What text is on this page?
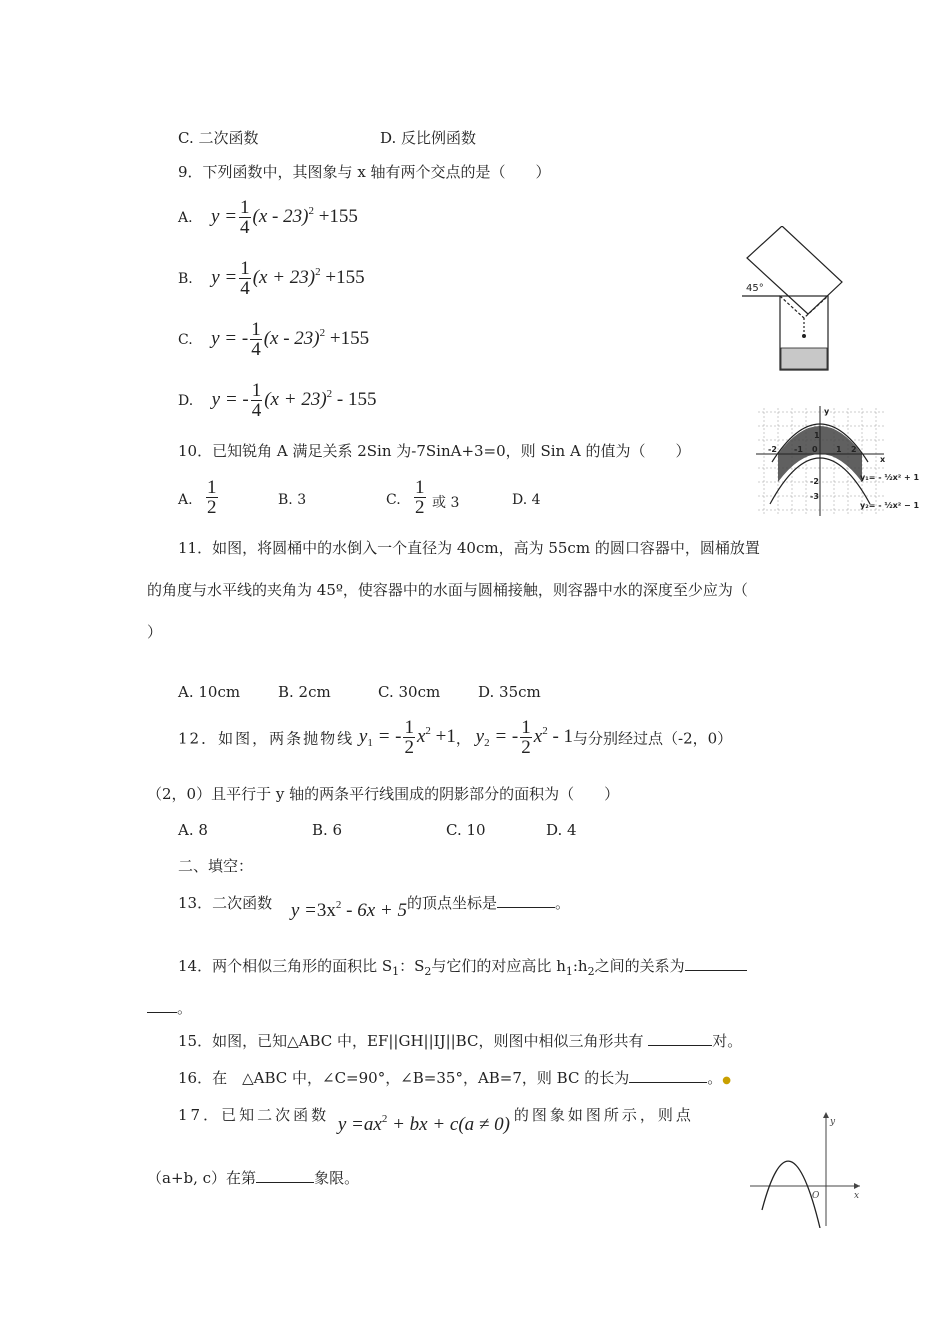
C. 二次函数	D. 反比例函数
9．下列函数中，其图象与 x 轴有两个交点的是（　　）
A. $y = \frac{1}{4} (x - 23)^2 +155$
B. $y = \frac{1}{4} (x + 23)^2 +155$
C. y = - $\frac{1}{4} (x - 23)^2 +155$
D. y = - $\frac{1}{4} (x + 23)^2 - 155$
10．已知锐角 A 满足关系 2Sin 为-7SinA+3=0，则 Sin A 的值为（　　）
A. $\frac{1}{2}$	B. 3	C. $\frac{1}{2}$ 或 3	D. 4
11．如图，将圆桶中的水倒入一个直径为 40cm，高为 55cm 的圆口容器中，圆桶放置
的角度与水平线的夹角为 45º，使容器中的水面与圆桶接触，则容器中水的深度至少应为（
）
A. 10cm	B. 2cm	C. 30cm	D. 35cm
12．如图，两条抛物线 $y_1$ = - $\frac{1}{2} x^2 +1$， $y_2$ = - $\frac{1}{2} x^2 - 1$与分别经过点（-2，0）
（2，0）且平行于 y 轴的两条平行线围成的阴影部分的面积为（　　）
A. 8	B. 6	C. 10	D. 4
二、填空：
13．二次函数 $y =3x^2 - 6x + 5$的顶点坐标是	。
14．两个相似三角形的面积比 $S_1$：$S_2$与它们的对应高比 $h_1:h_2$之间的关系为
。
15．如图，已知△ABC 中，EF||GH||IJ||BC，则图中相似三角形共有	对。
16．在　△ABC 中，∠C=90°，∠B=35°，AB=7，则 BC 的长为	。●
17．已知二次函数 $y =ax^2$ + bx + c(a ≠ 0) 的图象如图所示，则点
（a+b, c）在第	象限。
45°
y
x
-2 -1 0 1 2
1
-2
-3
y₁= - ½x² + 1
y₂= - ½x² − 1
y
x
O
